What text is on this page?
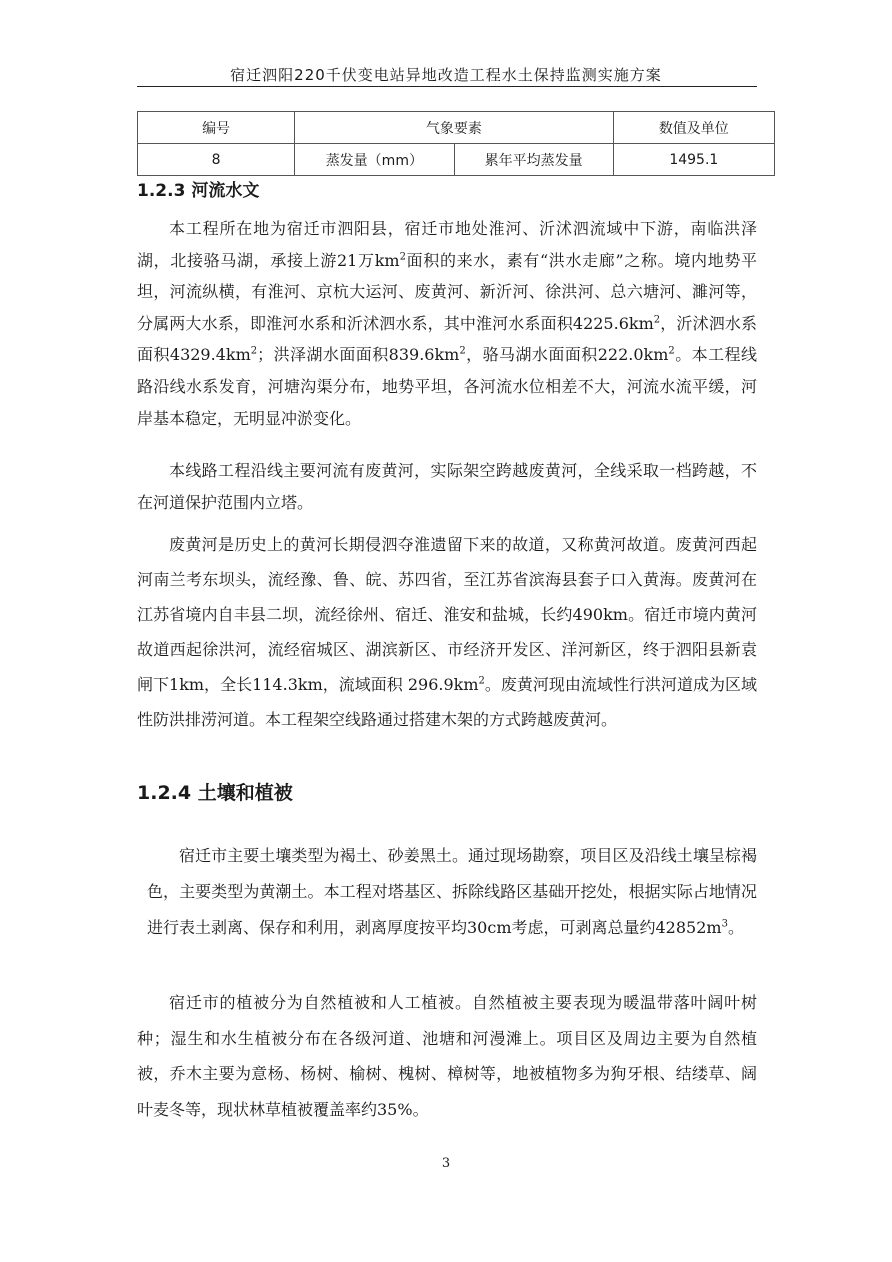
宿迁泗阳220千伏变电站异地改造工程水土保持监测实施方案
编号	气象要素		数值及单位
8	蒸发量（mm）	累年平均蒸发量	1495.1
1.2.3 河流水文

本工程所在地为宿迁市泗阳县，宿迁市地处淮河、沂沭泗流域中下游，南临洪泽湖，北接骆马湖，承接上游21万$km^2$面积的来水，素有“洪水走廊”之称。境内地势平坦，河流纵横，有淮河、京杭大运河、废黄河、新沂河、徐洪河、总六塘河、濉河等，分属两大水系，即淮河水系和沂沭泗水系，其中淮河水系面积$4225.6km^2$，沂沭泗水系面积$4329.4km^2$；洪泽湖水面面积$839.6km^2$，骆马湖水面面积$222.0km^2$。本工程线路沿线水系发育，河塘沟渠分布，地势平坦，各河流水位相差不大，河流水流平缓，河岸基本稳定，无明显冲淤变化。

本线路工程沿线主要河流有废黄河，实际架空跨越废黄河，全线采取一档跨越，不在河道保护范围内立塔。

废黄河是历史上的黄河长期侵泗夺淮遗留下来的故道，又称黄河故道。废黄河西起河南兰考东坝头，流经豫、鲁、皖、苏四省，至江苏省滨海县套子口入黄海。废黄河在江苏省境内自丰县二坝，流经徐州、宿迁、淮安和盐城，长约490km。宿迁市境内黄河故道西起徐洪河，流经宿城区、湖滨新区、市经济开发区、洋河新区，终于泗阳县新袁闸下1km，全长114.3km，流域面积 $296.9km^2$。废黄河现由流域性行洪河道成为区域性防洪排涝河道。本工程架空线路通过搭建木架的方式跨越废黄河。

1.2.4 土壤和植被

宿迁市主要土壤类型为褐土、砂姜黑土。通过现场勘察，项目区及沿线土壤呈棕褐色，主要类型为黄潮土。本工程对塔基区、拆除线路区基础开挖处，根据实际占地情况进行表土剥离、保存和利用，剥离厚度按平均30cm考虑，可剥离总量约$42852m^3$。

宿迁市的植被分为自然植被和人工植被。自然植被主要表现为暖温带落叶阔叶树种；湿生和水生植被分布在各级河道、池塘和河漫滩上。项目区及周边主要为自然植被，乔木主要为意杨、杨树、榆树、槐树、樟树等，地被植物多为狗牙根、结缕草、阔叶麦冬等，现状林草植被覆盖率约35%。

3
